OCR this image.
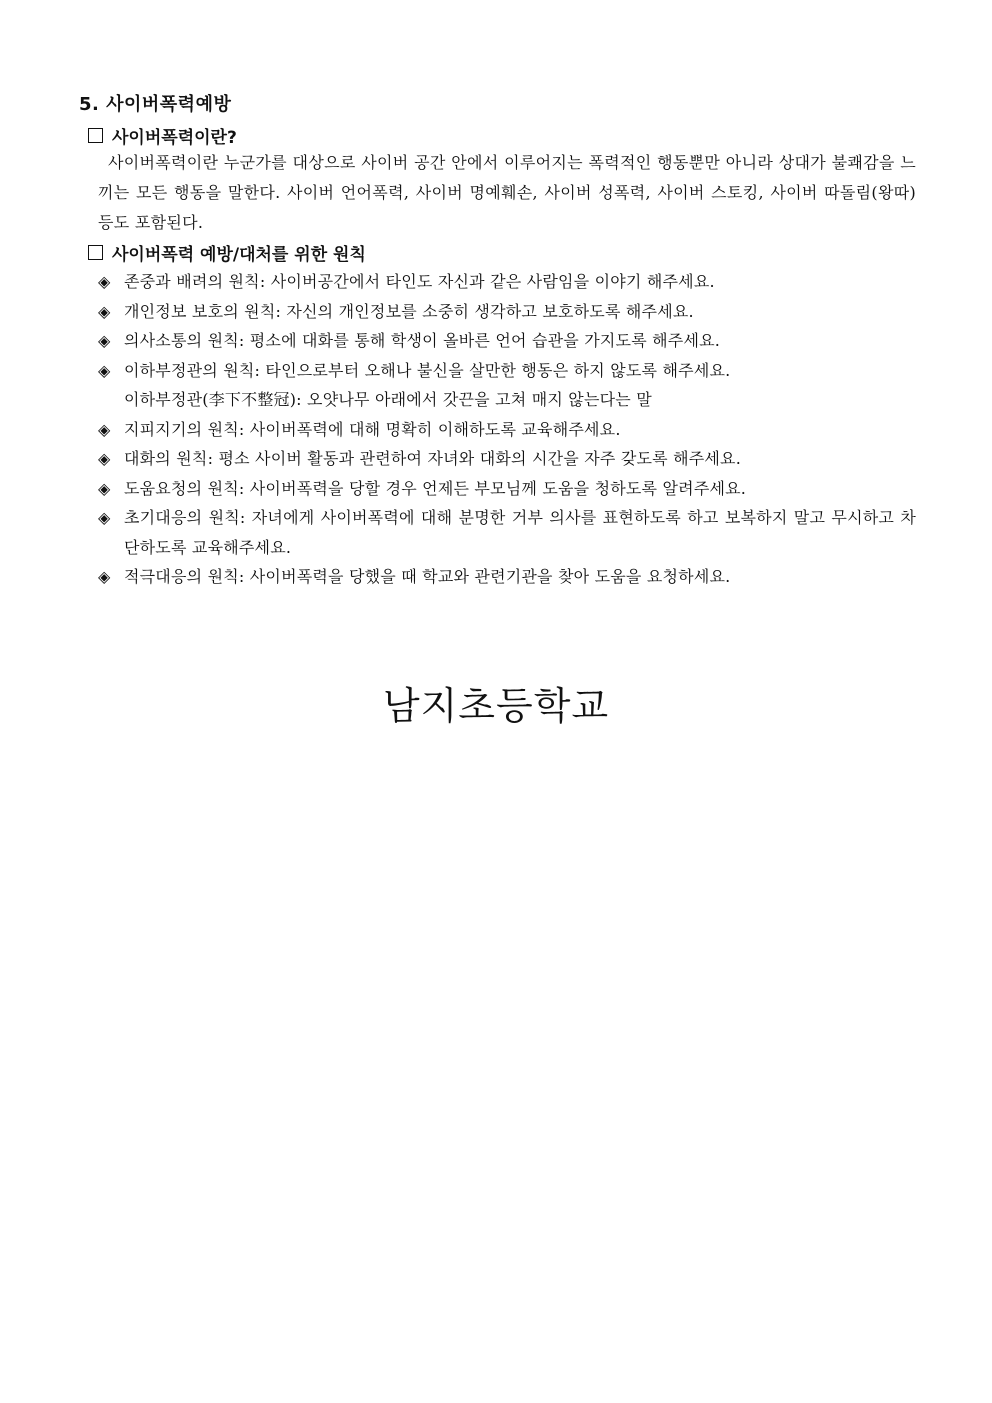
5. 사이버폭력예방
사이버폭력이란?
사이버폭력이란 누군가를 대상으로 사이버 공간 안에서 이루어지는 폭력적인 행동뿐만 아니라 상대가 불쾌감을 느끼는 모든 행동을 말한다. 사이버 언어폭력, 사이버 명예훼손, 사이버 성폭력, 사이버 스토킹, 사이버 따돌림(왕따) 등도 포함된다.
사이버폭력 예방/대처를 위한 원칙
◈ 존중과 배려의 원칙: 사이버공간에서 타인도 자신과 같은 사람임을 이야기 해주세요.
◈ 개인정보 보호의 원칙: 자신의 개인정보를 소중히 생각하고 보호하도록 해주세요.
◈ 의사소통의 원칙: 평소에 대화를 통해 학생이 올바른 언어 습관을 가지도록 해주세요.
◈ 이하부정관의 원칙: 타인으로부터 오해나 불신을 살만한 행동은 하지 않도록 해주세요.
이하부정관(李下不整冠): 오얏나무 아래에서 갓끈을 고쳐 매지 않는다는 말
◈ 지피지기의 원칙: 사이버폭력에 대해 명확히 이해하도록 교육해주세요.
◈ 대화의 원칙: 평소 사이버 활동과 관련하여 자녀와 대화의 시간을 자주 갖도록 해주세요.
◈ 도움요청의 원칙: 사이버폭력을 당할 경우 언제든 부모님께 도움을 청하도록 알려주세요.
◈ 초기대응의 원칙: 자녀에게 사이버폭력에 대해 분명한 거부 의사를 표현하도록 하고 보복하지 말고 무시하고 차단하도록 교육해주세요.
◈ 적극대응의 원칙: 사이버폭력을 당했을 때 학교와 관련기관을 찾아 도움을 요청하세요.
남지초등학교
